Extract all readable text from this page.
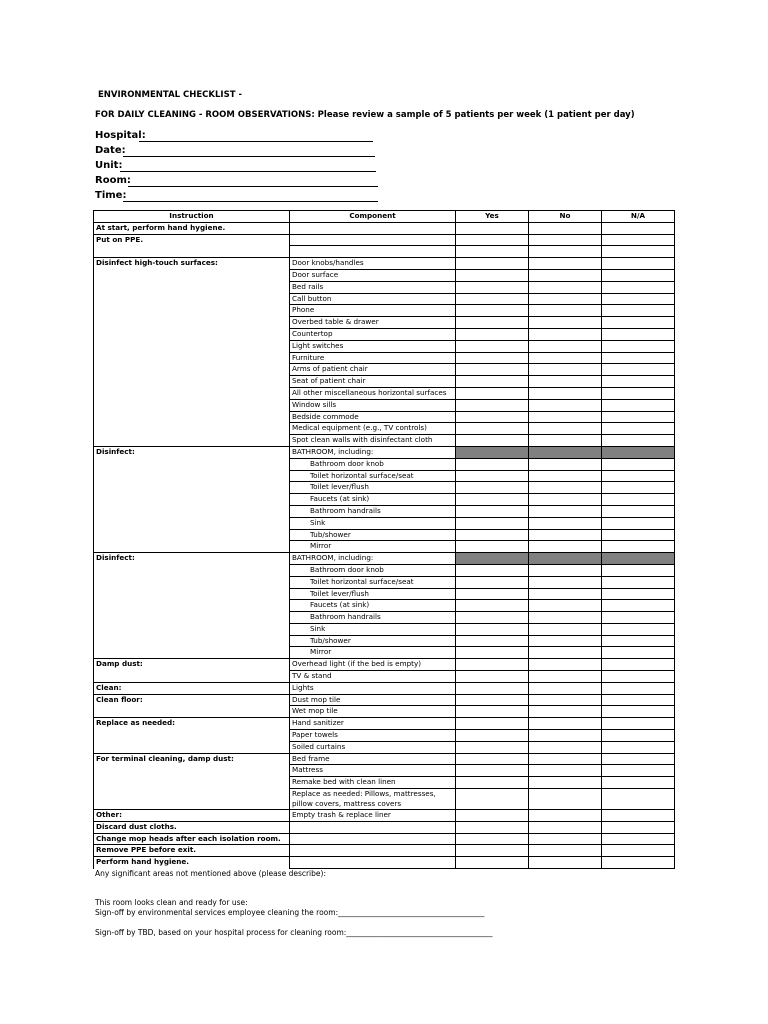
ENVIRONMENTAL CHECKLIST -
FOR DAILY CLEANING - ROOM OBSERVATIONS: Please review a sample of 5 patients per week (1 patient per day)
Hospital:
Date:
Unit:
Room:
Time:
Instruction	Component	Yes	No	N/A
At start, perform hand hygiene.				
Put on PPE.				

Disinfect high-touch surfaces:	Door knobs/handles			
	Door surface			
	Bed rails			
	Call button			
	Phone			
	Overbed table & drawer			
	Countertop			
	Light switches			
	Furniture			
	Arms of patient chair			
	Seat of patient chair			
	All other miscellaneous horizontal surfaces			
	Window sills			
	Bedside commode			
	Medical equipment (e.g., TV controls)			
	Spot clean walls with disinfectant cloth			
Disinfect:	BATHROOM, including:			
	Bathroom door knob			
	Toilet horizontal surface/seat			
	Toilet lever/flush			
	Faucets (at sink)			
	Bathroom handrails			
	Sink			
	Tub/shower			
	Mirror			
Disinfect:	BATHROOM, including:			
	Bathroom door knob			
	Toilet horizontal surface/seat			
	Toilet lever/flush			
	Faucets (at sink)			
	Bathroom handrails			
	Sink			
	Tub/shower			
	Mirror			
Damp dust:	Overhead light (if the bed is empty)			
	TV & stand			
Clean:	Lights			
Clean floor:	Dust mop tile			
	Wet mop tile			
Replace as needed:	Hand sanitizer			
	Paper towels			
	Soiled curtains			
For terminal cleaning, damp dust:	Bed frame			
	Mattress			
	Remake bed with clean linen			
	Replace as needed: Pillows, mattresses, pillow covers, mattress covers			
Other:	Empty trash & replace liner			
Discard dust cloths.				
Change mop heads after each isolation room.				
Remove PPE before exit.				
Perform hand hygiene.				
Any significant areas not mentioned above (please describe):
This room looks clean and ready for use:
Sign-off by environmental services employee cleaning the room:_______________________________________
Sign-off by TBD, based on your hospital process for cleaning room:_______________________________________
